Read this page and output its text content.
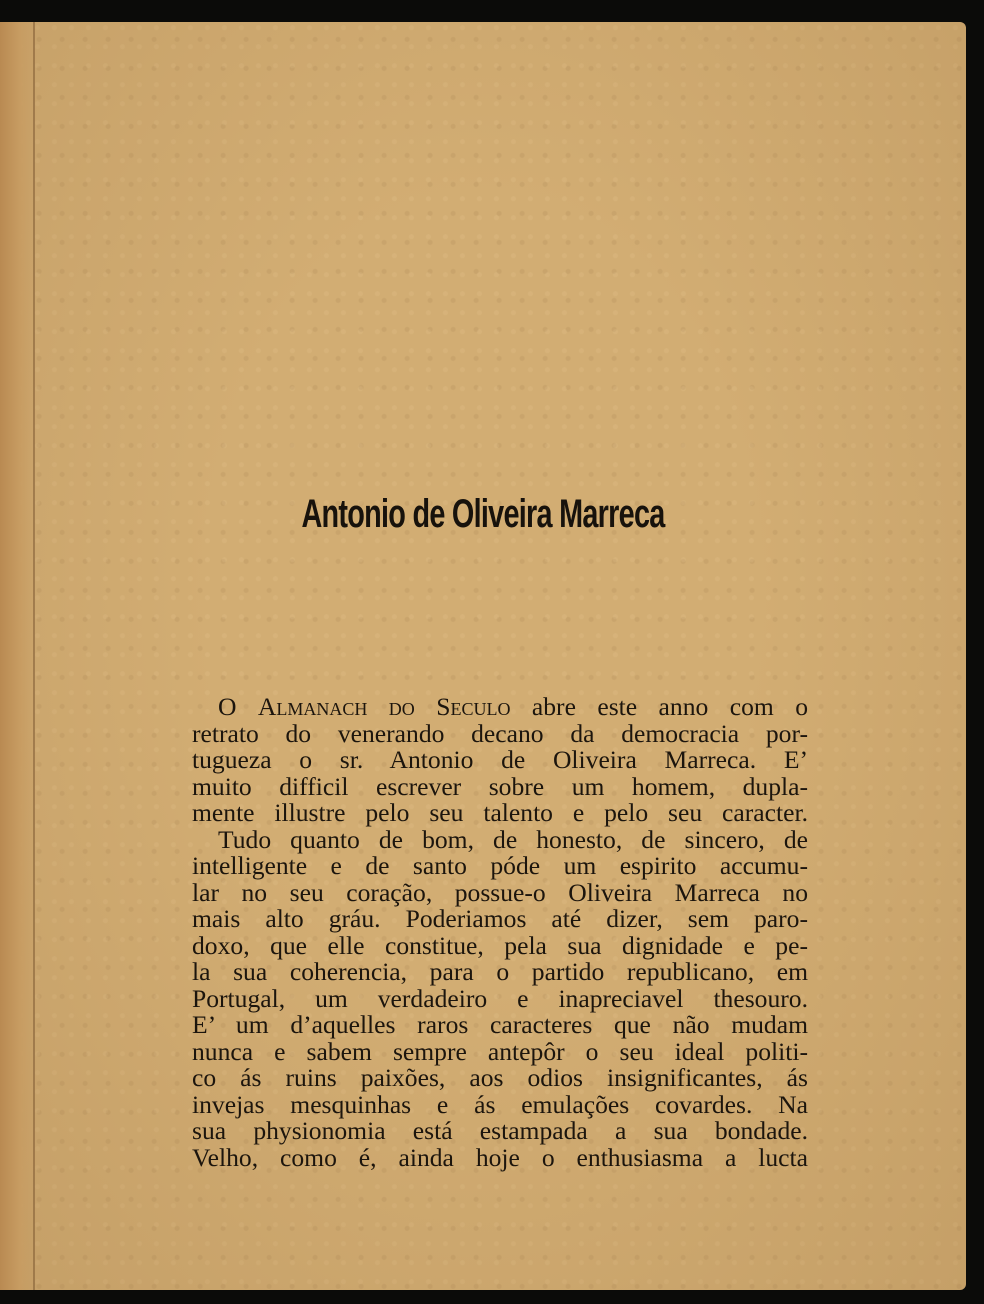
Antonio de Oliveira Marreca
O Almanach do Seculo abre este anno com o
retrato do venerando decano da democracia por-
tugueza o sr. Antonio de Oliveira Marreca. E’
muito difficil escrever sobre um homem, dupla-
mente illustre pelo seu talento e pelo seu caracter.
Tudo quanto de bom, de honesto, de sincero, de
intelligente e de santo póde um espirito accumu-
lar no seu coração, possue-o Oliveira Marreca no
mais alto gráu. Poderiamos até dizer, sem paro-
doxo, que elle constitue, pela sua dignidade e pe-
la sua coherencia, para o partido republicano, em
Portugal, um verdadeiro e inapreciavel thesouro.
E’ um d’aquelles raros caracteres que não mudam
nunca e sabem sempre antepôr o seu ideal politi-
co ás ruins paixões, aos odios insignificantes, ás
invejas mesquinhas e ás emulações covardes. Na
sua physionomia está estampada a sua bondade.
Velho, como é, ainda hoje o enthusiasma a lucta
